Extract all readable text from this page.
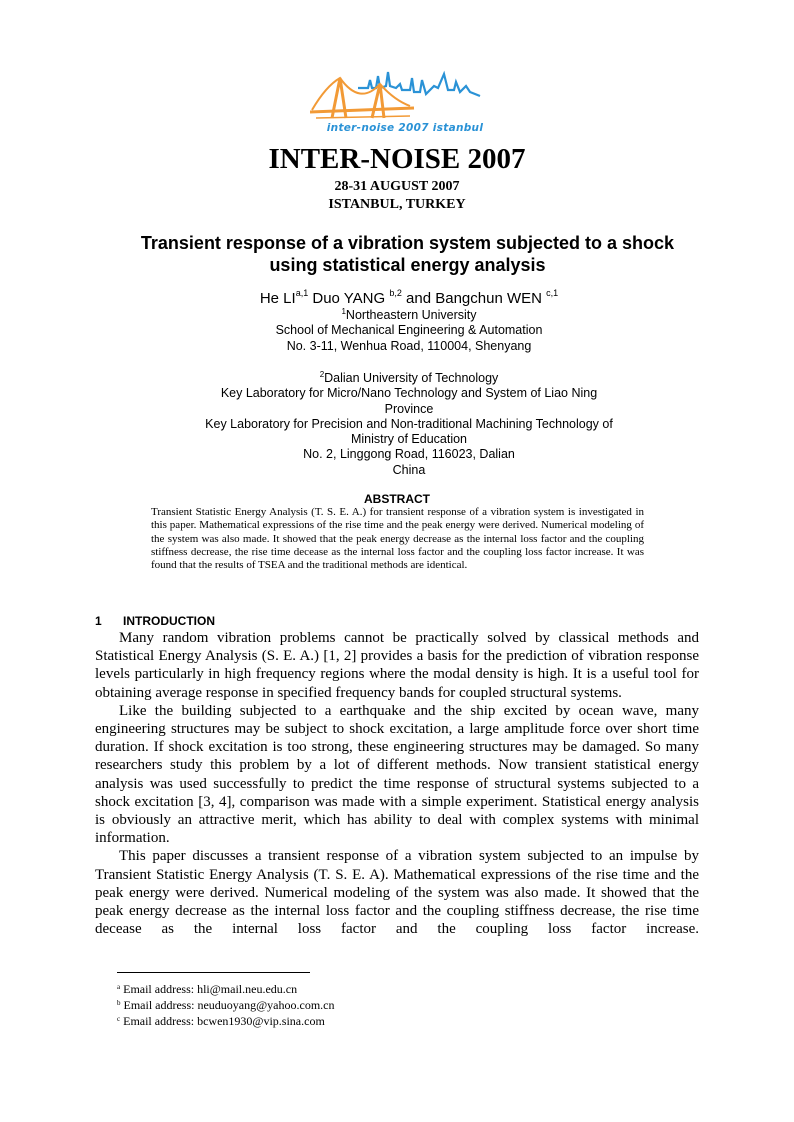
inter-noise 2007 istanbul
INTER-NOISE 2007
28-31 AUGUST 2007
ISTANBUL, TURKEY
Transient response of a vibration system subjected to a shock
using statistical energy analysis
He LI$^{a,1}$ Duo YANG $^{b,2}$ and Bangchun WEN $^{c,1}$
$^1$Northeastern University
School of Mechanical Engineering & Automation
No. 3-11, Wenhua Road, 110004, Shenyang
$^2$Dalian University of Technology
Key Laboratory for Micro/Nano Technology and System of Liao Ning
Province
Key Laboratory for Precision and Non-traditional Machining Technology of
Ministry of Education
No. 2, Linggong Road, 116023, Dalian
China
ABSTRACT
Transient Statistic Energy Analysis (T. S. E. A.) for transient response of a vibration system is investigated in this paper. Mathematical expressions of the rise time and the peak energy were derived. Numerical modeling of the system was also made. It showed that the peak energy decrease as the internal loss factor and the coupling stiffness decrease, the rise time decease as the internal loss factor and the coupling loss factor increase. It was found that the results of TSEA and the traditional methods are identical.
1 INTRODUCTION

Many random vibration problems cannot be practically solved by classical methods and Statistical Energy Analysis (S. E. A.) [1, 2] provides a basis for the prediction of vibration response levels particularly in high frequency regions where the modal density is high. It is a useful tool for obtaining average response in specified frequency bands for coupled structural systems.

Like the building subjected to a earthquake and the ship excited by ocean wave, many engineering structures may be subject to shock excitation, a large amplitude force over short time duration. If shock excitation is too strong, these engineering structures may be damaged. So many researchers study this problem by a lot of different methods. Now transient statistical energy analysis was used successfully to predict the time response of structural systems subjected to a shock excitation [3, 4], comparison was made with a simple experiment. Statistical energy analysis is obviously an attractive merit, which has ability to deal with complex systems with minimal information.

This paper discusses a transient response of a vibration system subjected to an impulse by Transient Statistic Energy Analysis (T. S. E. A). Mathematical expressions of the rise time and the peak energy were derived. Numerical modeling of the system was also made. It showed that the peak energy decrease as the internal loss factor and the coupling stiffness decrease, the rise time decease as the internal loss factor and the coupling loss factor increase.

$^a$ Email address: hli@mail.neu.edu.cn
$^b$ Email address: neuduoyang@yahoo.com.cn
$^c$ Email address: bcwen1930@vip.sina.com
